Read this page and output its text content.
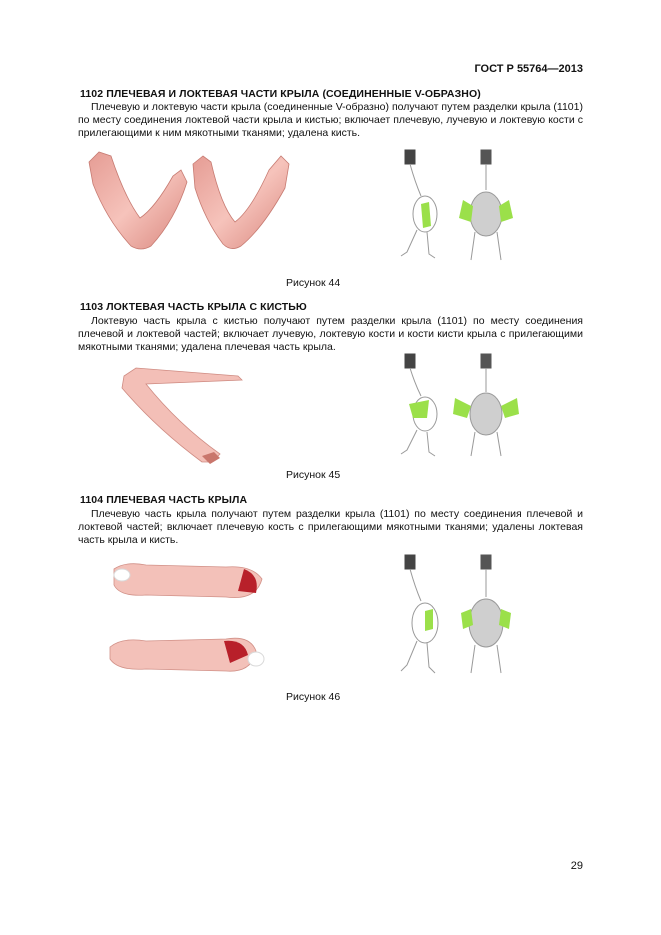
ГОСТ Р 55764—2013
1102 ПЛЕЧЕВАЯ И ЛОКТЕВАЯ ЧАСТИ КРЫЛА (СОЕДИНЕННЫЕ V-ОБРАЗНО)
Плечевую и локтевую части крыла (соединенные V-образно) получают путем разделки крыла (1101) по месту соединения локтевой части крыла и кистью; включает плечевую, лучевую и локтевую кости с прилегающими к ним мякотными тканями; удалена кисть.
Рисунок 44
1103 ЛОКТЕВАЯ ЧАСТЬ КРЫЛА С КИСТЬЮ
Локтевую часть крыла с кистью получают путем разделки крыла (1101) по месту соединения плечевой и локтевой частей; включает лучевую, локтевую кости и кости кисти крыла с прилегающими мякотными тканями; удалена плечевая часть крыла.
Рисунок 45
1104 ПЛЕЧЕВАЯ ЧАСТЬ КРЫЛА
Плечевую часть крыла получают путем разделки крыла (1101) по месту соединения плечевой и локтевой частей; включает плечевую кость с прилегающими мякотными тканями; удалены локтевая часть крыла и кисть.
Рисунок 46
29
